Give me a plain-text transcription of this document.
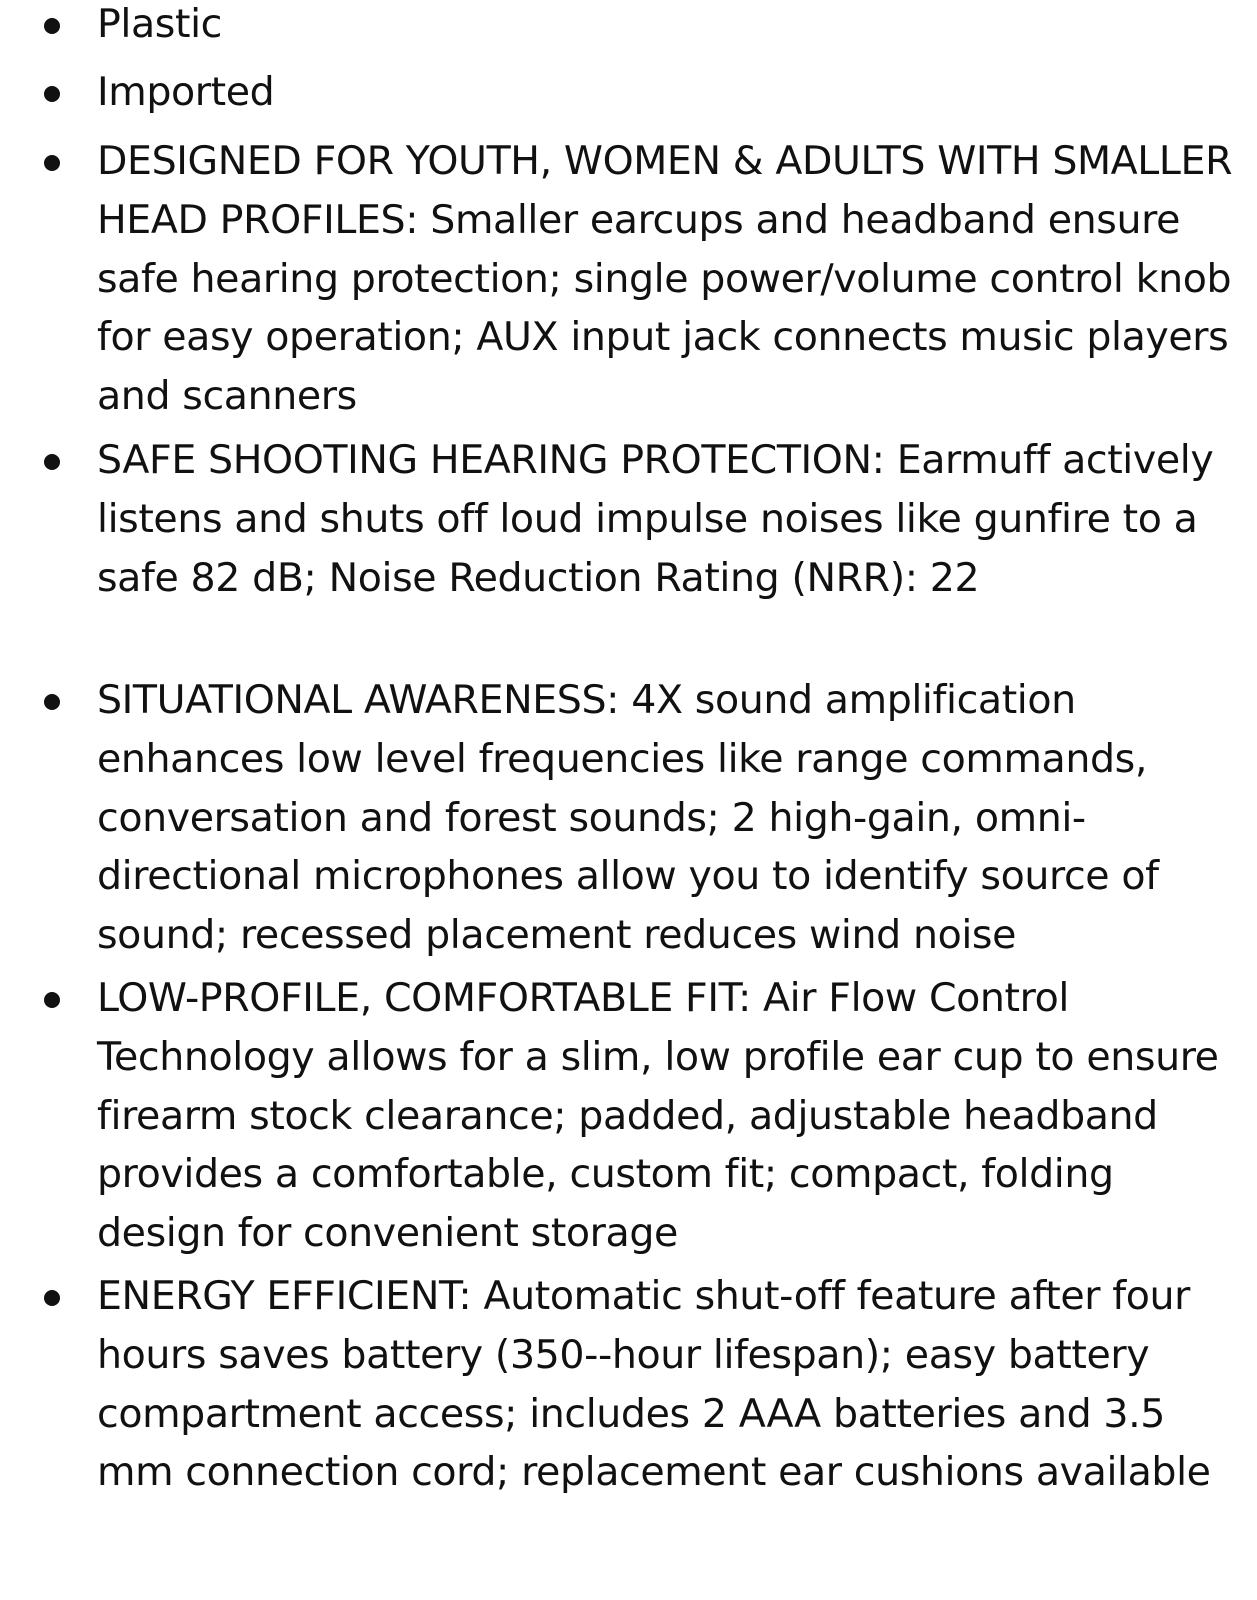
Plastic
Imported
DESIGNED FOR YOUTH, WOMEN & ADULTS WITH SMALLER HEAD PROFILES: Smaller earcups and headband ensure safe hearing protection; single power/volume control knob for easy operation; AUX input jack connects music players and scanners
SAFE SHOOTING HEARING PROTECTION: Earmuff actively listens and shuts off loud impulse noises like gunfire to a safe 82 dB; Noise Reduction Rating (NRR): 22
SITUATIONAL AWARENESS: 4X sound amplification enhances low level frequencies like range commands, conversation and forest sounds; 2 high-gain, omni-directional microphones allow you to identify source of sound; recessed placement reduces wind noise
LOW-PROFILE, COMFORTABLE FIT: Air Flow Control Technology allows for a slim, low profile ear cup to ensure firearm stock clearance; padded, adjustable headband provides a comfortable, custom fit; compact, folding design for convenient storage
ENERGY EFFICIENT: Automatic shut-off feature after four hours saves battery (350--hour lifespan); easy battery compartment access; includes 2 AAA batteries and 3.5 mm connection cord; replacement ear cushions available
